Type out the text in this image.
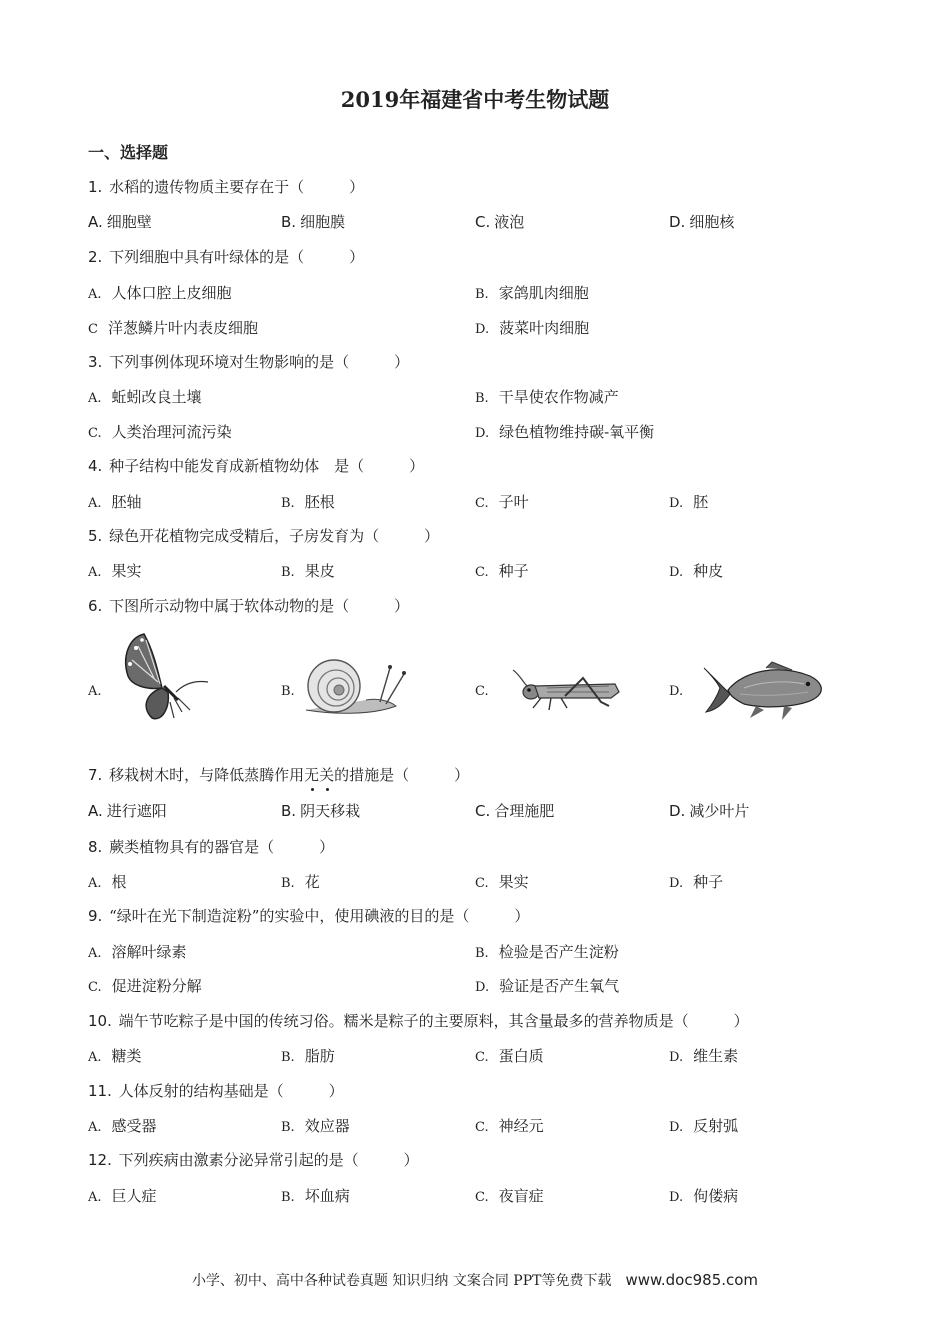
2019年福建省中考生物试题
一、选择题
1. 水稻的遗传物质主要存在于（　　　）
A. 细胞壁	B. 细胞膜	C. 液泡	D. 细胞核
2. 下列细胞中具有叶绿体的是（　　　）
A. 人体口腔上皮细胞	B. 家鸽肌肉细胞
C 洋葱鳞片叶内表皮细胞	D. 菠菜叶肉细胞
3. 下列事例体现环境对生物影响的是（　　　）
A. 蚯蚓改良土壤	B. 干旱使农作物减产
C. 人类治理河流污染	D. 绿色植物维持碳-氧平衡
4. 种子结构中能发育成新植物幼体　是（　　　）
A. 胚轴	B. 胚根	C. 子叶	D. 胚
5. 绿色开花植物完成受精后，子房发育为（　　　）
A. 果实	B. 果皮	C. 种子	D. 种皮
6. 下图所示动物中属于软体动物的是（　　　）
A.	B.	C.	D.
7. 移栽树木时，与降低蒸腾作用无关的措施是（　　　）
A. 进行遮阳	B. 阴天移栽	C. 合理施肥	D. 减少叶片
8. 蕨类植物具有的器官是（　　　）
A. 根	B. 花	C. 果实	D. 种子
9. “绿叶在光下制造淀粉”的实验中，使用碘液的目的是（　　　）
A. 溶解叶绿素	B. 检验是否产生淀粉
C. 促进淀粉分解	D. 验证是否产生氧气
10. 端午节吃粽子是中国的传统习俗。糯米是粽子的主要原料，其含量最多的营养物质是（　　　）
A. 糖类	B. 脂肪	C. 蛋白质	D. 维生素
11. 人体反射的结构基础是（　　　）
A. 感受器	B. 效应器	C. 神经元	D. 反射弧
12. 下列疾病由激素分泌异常引起的是（　　　）
A. 巨人症	B. 坏血病	C. 夜盲症	D. 佝偻病
小学、初中、高中各种试卷真题 知识归纳 文案合同 PPT等免费下载 www.doc985.com
